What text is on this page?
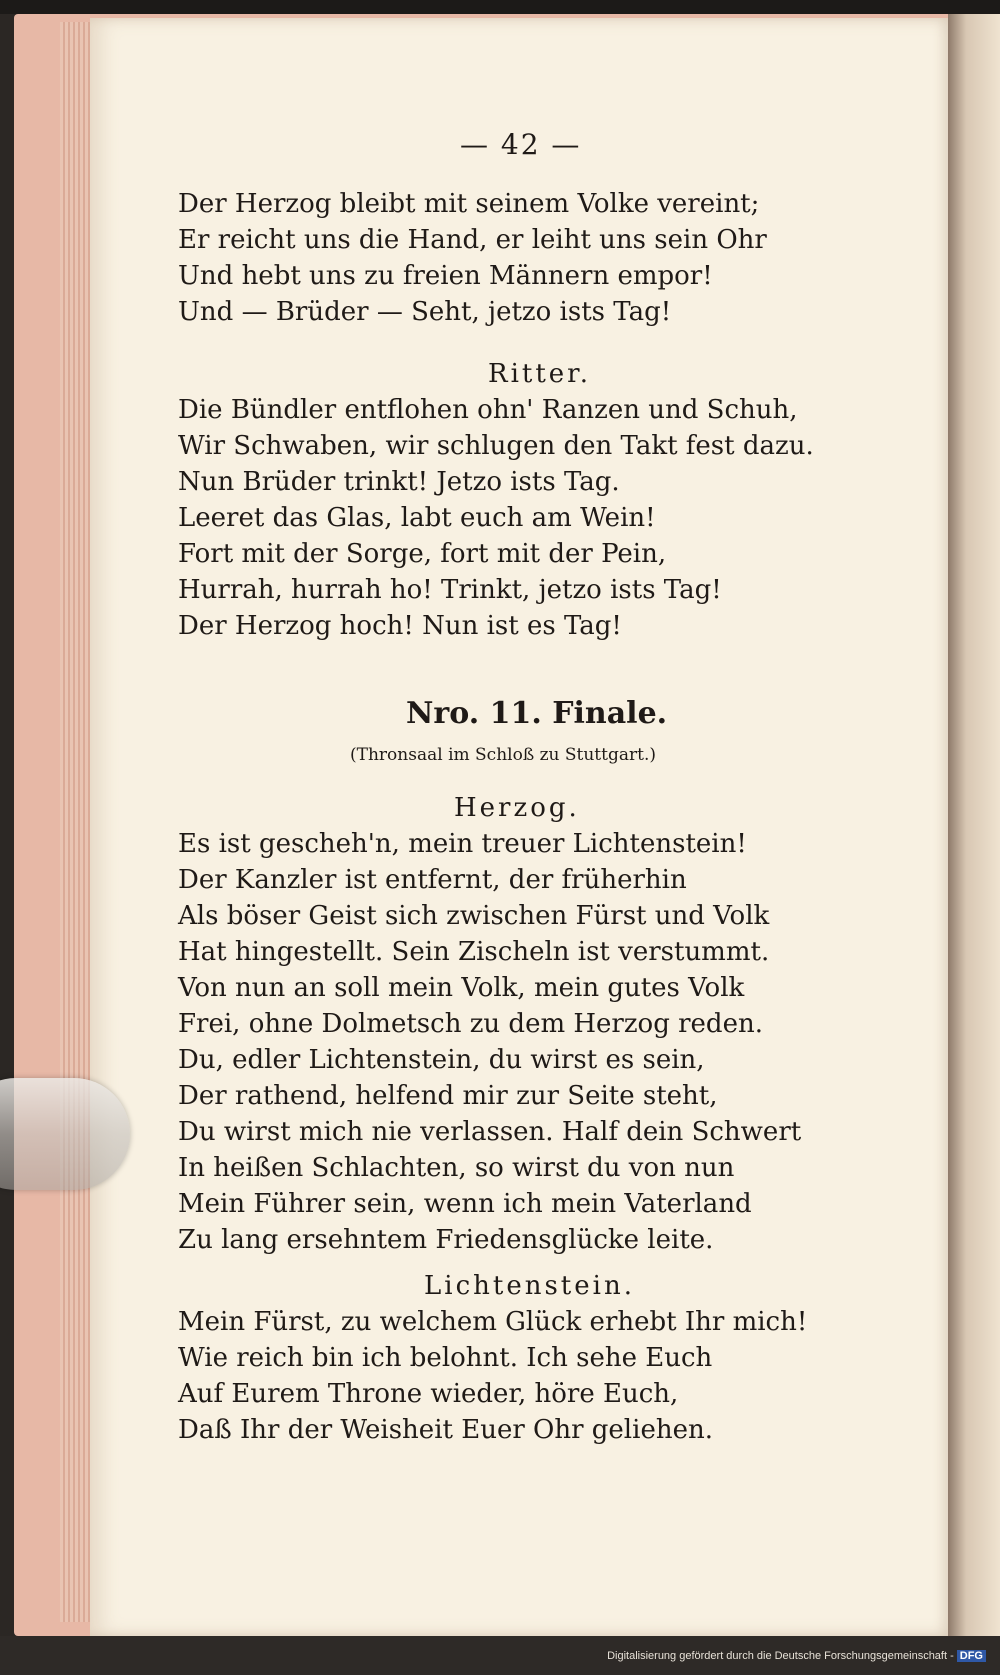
— 42 —
Der Herzog bleibt mit seinem Volke vereint;
Er reicht uns die Hand, er leiht uns sein Ohr
Und hebt uns zu freien Männern empor!
Und — Brüder — Seht, jetzo ists Tag!
Ritter.
Die Bündler entflohen ohn' Ranzen und Schuh,
Wir Schwaben, wir schlugen den Takt fest dazu.
Nun Brüder trinkt! Jetzo ists Tag.
Leeret das Glas, labt euch am Wein!
Fort mit der Sorge, fort mit der Pein,
Hurrah, hurrah ho! Trinkt, jetzo ists Tag!
Der Herzog hoch! Nun ist es Tag!
Nro. 11. Finale.
(Thronsaal im Schloß zu Stuttgart.)
Herzog.
Es ist gescheh'n, mein treuer Lichtenstein!
Der Kanzler ist entfernt, der früherhin
Als böser Geist sich zwischen Fürst und Volk
Hat hingestellt. Sein Zischeln ist verstummt.
Von nun an soll mein Volk, mein gutes Volk
Frei, ohne Dolmetsch zu dem Herzog reden.
Du, edler Lichtenstein, du wirst es sein,
Der rathend, helfend mir zur Seite steht,
Du wirst mich nie verlassen. Half dein Schwert
In heißen Schlachten, so wirst du von nun
Mein Führer sein, wenn ich mein Vaterland
Zu lang ersehntem Friedensglücke leite.
Lichtenstein.
Mein Fürst, zu welchem Glück erhebt Ihr mich!
Wie reich bin ich belohnt. Ich sehe Euch
Auf Eurem Throne wieder, höre Euch,
Daß Ihr der Weisheit Euer Ohr geliehen.
Digitalisierung gefördert durch die Deutsche Forschungsgemeinschaft - DFG
